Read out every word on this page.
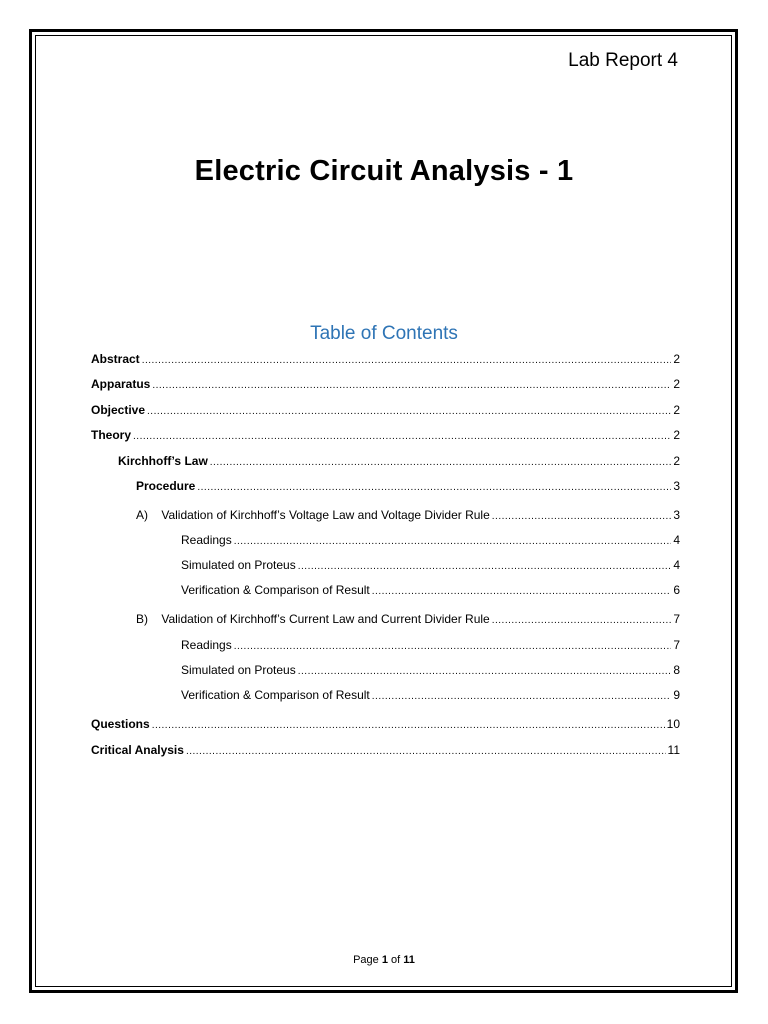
Lab Report 4
Electric Circuit Analysis - 1
Table of Contents
Abstract .....	2
Apparatus .....	2
Objective .....	2
Theory .....	2
Kirchhoff’s Law .....	2
Procedure .....	3
A)    Validation of Kirchhoff’s Voltage Law and Voltage Divider Rule .....	3
Readings .....	4
Simulated on Proteus .....	4
Verification & Comparison of Result .....	6
B)    Validation of Kirchhoff’s Current Law and Current Divider Rule .....	7
Readings .....	7
Simulated on Proteus .....	8
Verification & Comparison of Result .....	9
Questions .....	10
Critical Analysis .....	11
Page 1 of 11
